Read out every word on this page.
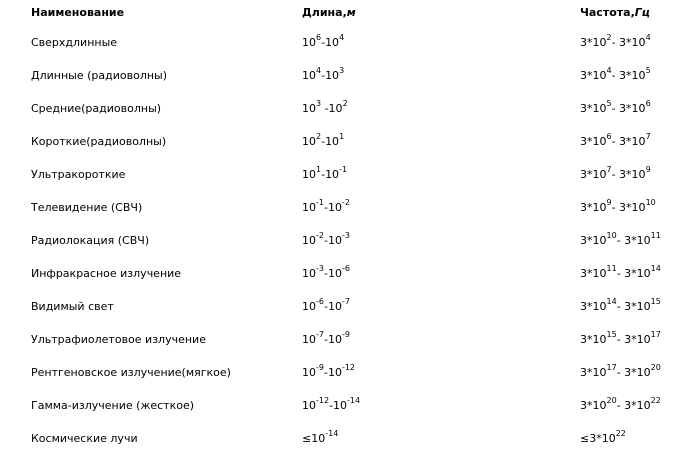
Наименование	Длина, м	Частота, Гц
Сверхдлинные	$10^6-10^4$	$3*10^2-$ $3*10^4$
Длинные (радиоволны)	$10^4-10^3$	$3*10^4-$ $3*10^5$
Средние(радиоволны)	$10^3$ $-10^2$	$3*10^5-$ $3*10^6$
Короткие(радиоволны)	$10^2-10^1$	$3*10^6-$ $3*10^7$
Ультракороткие	$10^1-10^{-1}$	$3*10^7-$ $3*10^9$
Телевидение (СВЧ)	$10^{-1}-10^{-2}$	$3*10^9-$ $3*10^{10}$
Радиолокация (СВЧ)	$10^{-2}-10^{-3}$	$3*10^{10}-$ $3*10^{11}$
Инфракрасное излучение	$10^{-3}-10^{-6}$	$3*10^{11}-$ $3*10^{14}$
Видимый свет	$10^{-6}-10^{-7}$	$3*10^{14}-$ $3*10^{15}$
Ультрафиолетовое излучение	$10^{-7}-10^{-9}$	$3*10^{15}-$ $3*10^{17}$
Рентгеновское излучение(мягкое)	$10^{-9}-10^{-12}$	$3*10^{17}-$ $3*10^{20}$
Гамма-излучение (жесткое)	$10^{-12}-10^{-14}$	$3*10^{20}-$ $3*10^{22}$
Космические лучи	$\le 10^{-14}$	$\le 3*10^{22}$
